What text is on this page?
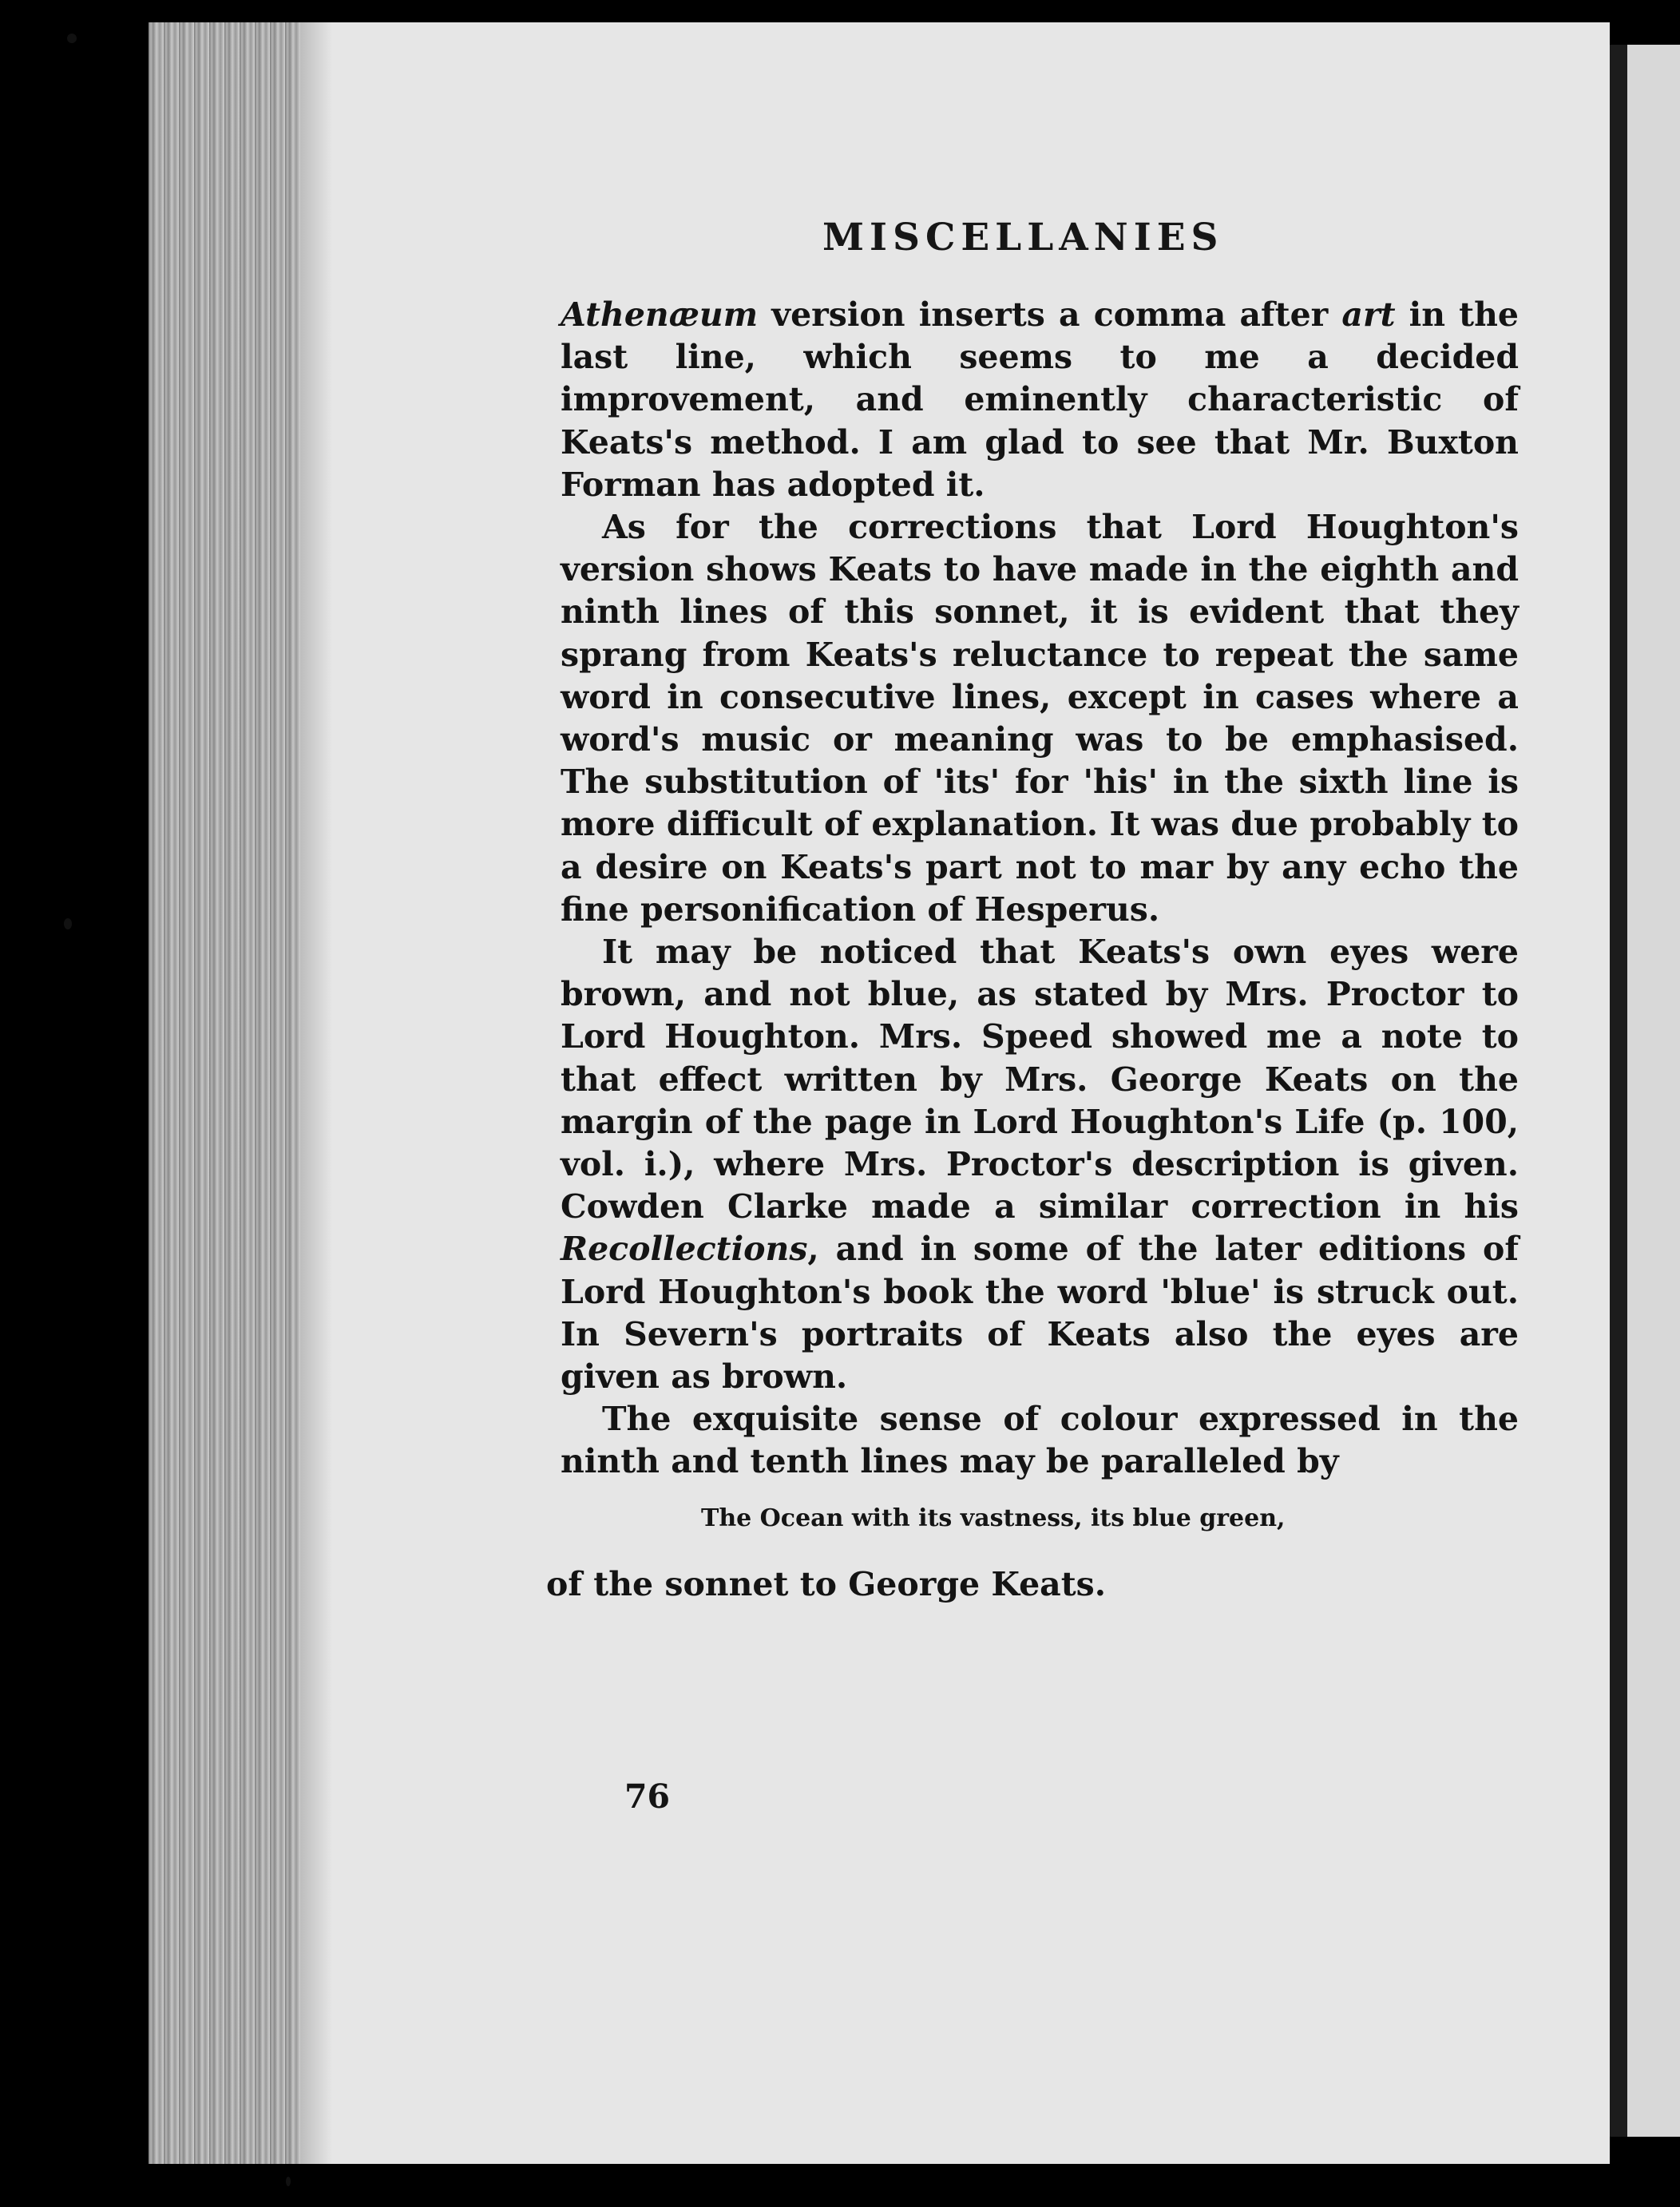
MISCELLANIES

Athenæum version inserts a comma after art in the last line, which seems to me a decided improvement, and eminently characteristic of Keats's method. I am glad to see that Mr. Buxton Forman has adopted it.

As for the corrections that Lord Houghton's version shows Keats to have made in the eighth and ninth lines of this sonnet, it is evident that they sprang from Keats's reluctance to repeat the same word in consecutive lines, except in cases where a word's music or meaning was to be emphasised. The substitution of 'its' for 'his' in the sixth line is more difficult of explanation. It was due probably to a desire on Keats's part not to mar by any echo the fine personification of Hesperus.

It may be noticed that Keats's own eyes were brown, and not blue, as stated by Mrs. Proctor to Lord Houghton. Mrs. Speed showed me a note to that effect written by Mrs. George Keats on the margin of the page in Lord Houghton's Life (p. 100, vol. i.), where Mrs. Proctor's description is given. Cowden Clarke made a similar correction in his Recollections, and in some of the later editions of Lord Houghton's book the word 'blue' is struck out. In Severn's portraits of Keats also the eyes are given as brown.

The exquisite sense of colour expressed in the ninth and tenth lines may be paralleled by

The Ocean with its vastness, its blue green,
of the sonnet to George Keats.
76
